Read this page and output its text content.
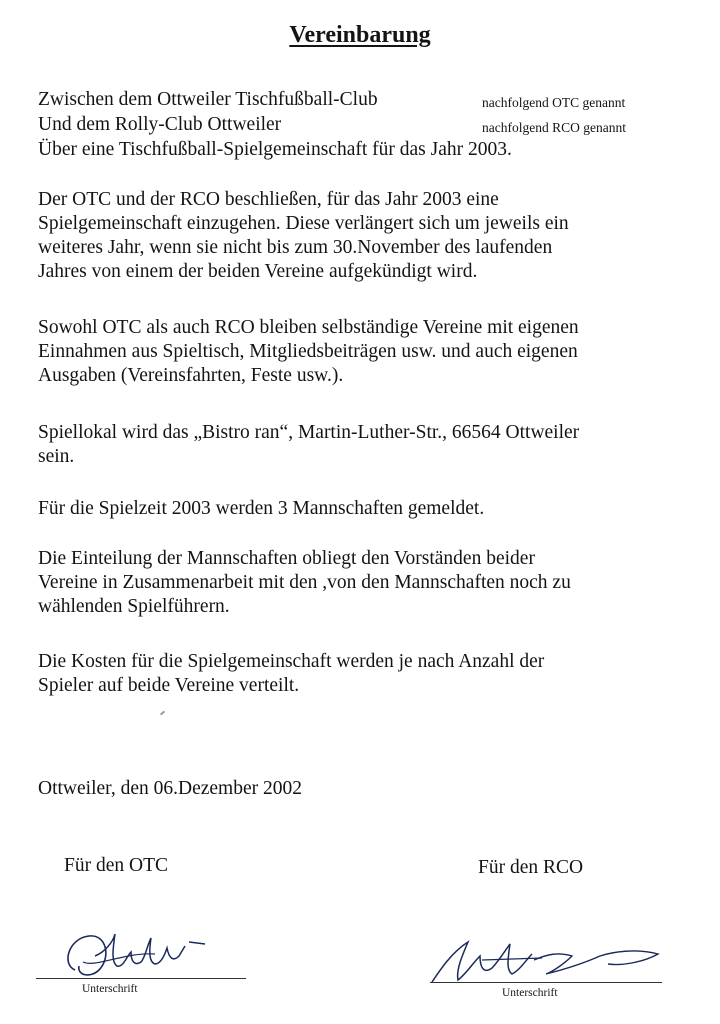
Vereinbarung
Zwischen dem Ottweiler Tischfußball-Club	nachfolgend OTC genannt
Und dem Rolly-Club Ottweiler	nachfolgend RCO genannt
Über eine Tischfußball-Spielgemeinschaft für das Jahr 2003.
Der OTC und der RCO beschließen, für das Jahr 2003 eine
Spielgemeinschaft einzugehen. Diese verlängert sich um jeweils ein
weiteres Jahr, wenn sie nicht bis zum 30.November des laufenden
Jahres von einem der beiden Vereine aufgekündigt wird.
Sowohl OTC als auch RCO bleiben selbständige Vereine mit eigenen
Einnahmen aus Spieltisch, Mitgliedsbeiträgen usw. und auch eigenen
Ausgaben (Vereinsfahrten, Feste usw.).
Spiellokal wird das „Bistro ran“, Martin-Luther-Str., 66564 Ottweiler
sein.
Für die Spielzeit 2003 werden 3 Mannschaften gemeldet.
Die Einteilung der Mannschaften obliegt den Vorständen beider
Vereine in Zusammenarbeit mit den ,von den Mannschaften noch zu
wählenden Spielführern.
Die Kosten für die Spielgemeinschaft werden je nach Anzahl der
Spieler auf beide Vereine verteilt.
Ottweiler, den 06.Dezember 2002
Für den OTC	Für den RCO
Unterschrift	Unterschrift
